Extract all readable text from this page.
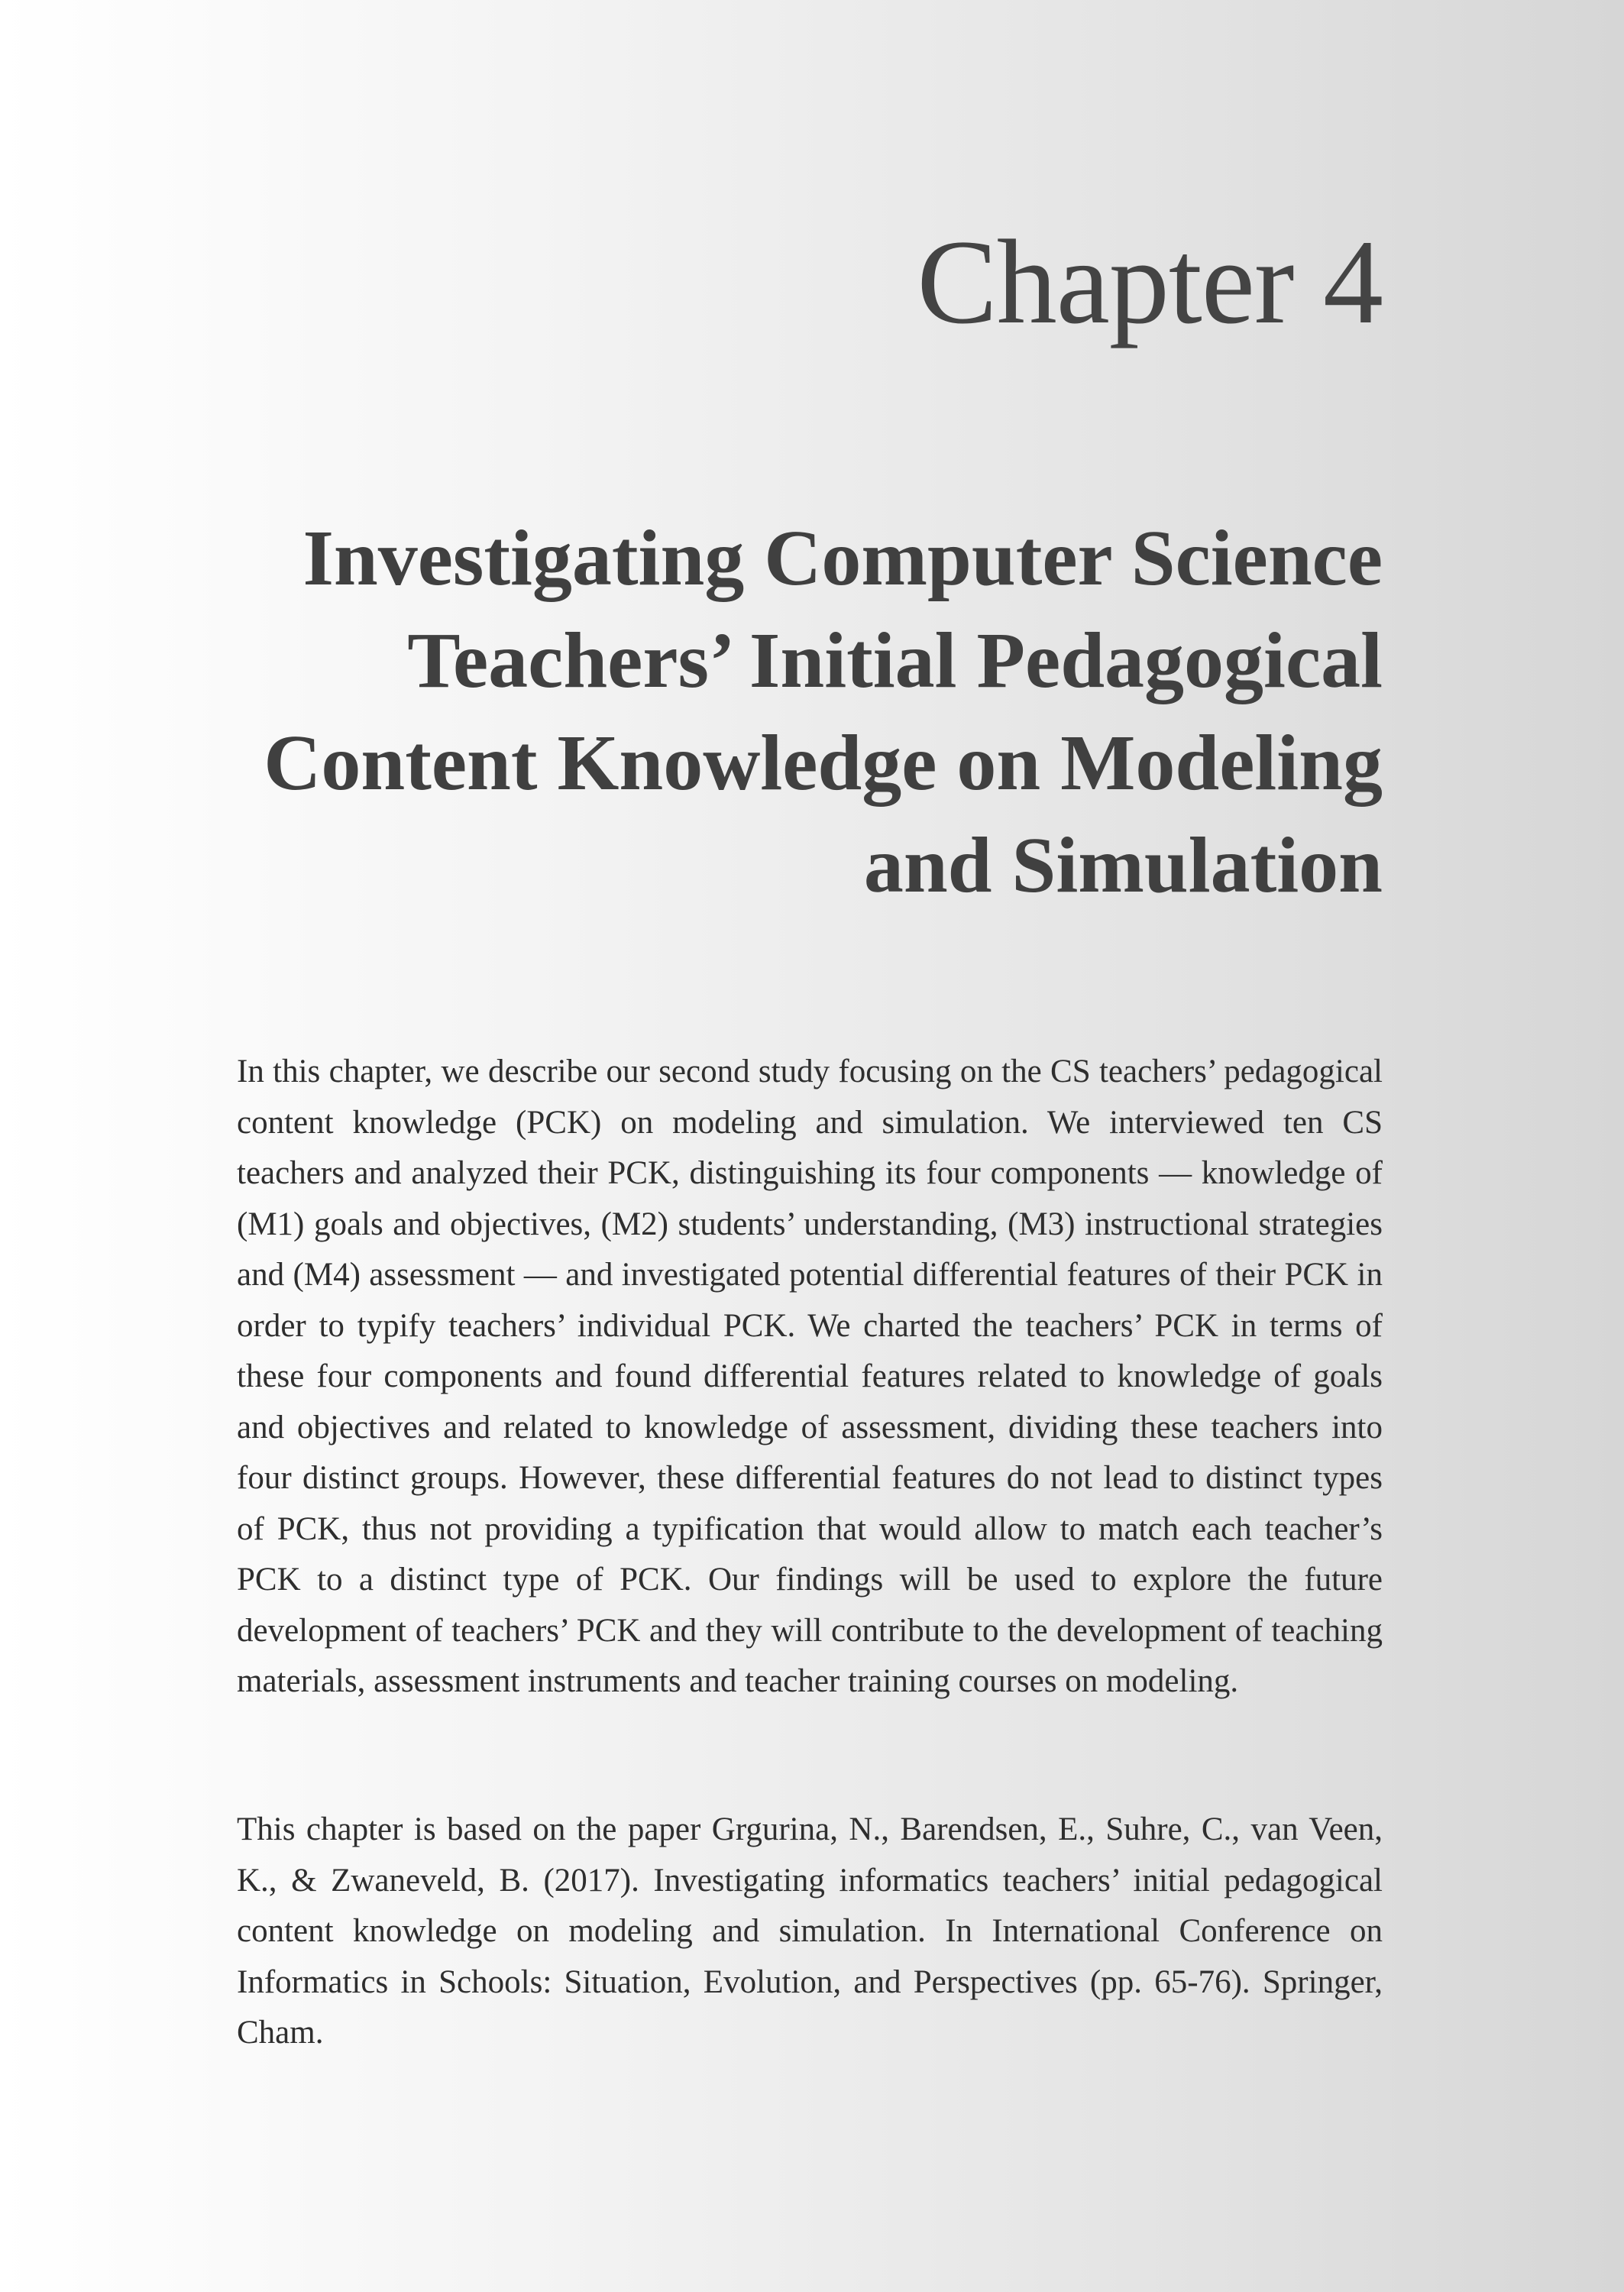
Chapter 4
Investigating Computer Science Teachers’ Initial Pedagogical Content Knowledge on Modeling and Simulation

In this chapter, we describe our second study focusing on the CS teachers’ pedagogical content knowledge (PCK) on modeling and simulation. We interviewed ten CS teachers and analyzed their PCK, distinguishing its four components — knowledge of (M1) goals and objectives, (M2) students’ understanding, (M3) instructional strategies and (M4) assessment — and investigated potential differential features of their PCK in order to typify teachers’ individual PCK. We charted the teachers’ PCK in terms of these four components and found differential features related to knowledge of goals and objectives and related to knowledge of assessment, dividing these teachers into four distinct groups. However, these differential features do not lead to distinct types of PCK, thus not providing a typification that would allow to match each teacher’s PCK to a distinct type of PCK. Our findings will be used to explore the future development of teachers’ PCK and they will contribute to the development of teaching materials, assessment instruments and teacher training courses on modeling.

This chapter is based on the paper Grgurina, N., Barendsen, E., Suhre, C., van Veen, K., & Zwaneveld, B. (2017). Investigating informatics teachers’ initial pedagogical content knowledge on modeling and simulation. In International Conference on Informatics in Schools: Situation, Evolution, and Perspectives (pp. 65-76). Springer, Cham.
